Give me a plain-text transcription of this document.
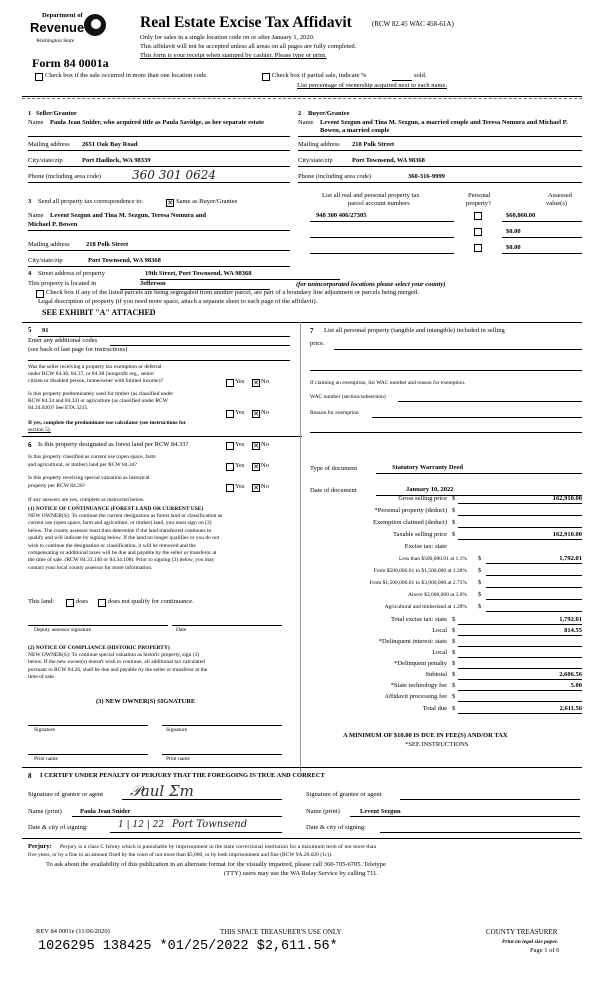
Department of
Revenue
Washington State
Form 84 0001a
Real Estate Excise Tax Affidavit	(RCW 82.45 WAC 458-61A)
Only for sales in a single location code on or after January 1, 2020.
This affidavit will not be accepted unless all areas on all pages are fully completed.
This form is your receipt when stamped by cashier. Please type or print.
Check box if the sale occurred in more than one location code.	Check box if partial sale, indicate %	sold.
List percentage of ownership acquired next to each name.
1 Seller/Grantor
Name Paula Jean Snider, who acquired title as Paula Savidge, as her separate estate
Mailing address 2651 Oak Bay Road
City/state/zip	Port Hadlock, WA 98339
Phone (including area code)	360 301 0624
2 Buyer/Grantee
Name Levent Sezgun and Tina M. Sezgun, a married couple and Teresa Nomura and Michael P. Bowen, a married couple
Mailing address 218 Polk Street
City/state/zip	Port Townsend, WA 98368
Phone (including area code)	360-316-9999
3 Send all property tax correspondence to:	✕ Same as Buyer/Grantee
Name Levent Sezgun and Tina M. Sezgun, Teresa Nomura and
Michael P. Bowen
Mailing address	218 Polk Street
City/state/zip	Port Townsend, WA 98368
List all real and personal property tax
parcel account numbers
Personal
property?
Assessed
value(s)
948 300 406/27305	$60,060.00
$0.00
$0.00
4 Street address of property	19th Street, Port Townsend, WA 98368
This property is located in	Jefferson	(for unincorporated locations please select your county)
Check box if any of the listed parcels are being segregated from another parcel, are part of a boundary line adjustment or parcels being merged.
Legal description of property (if you need more space, attach a separate sheet to each page of the affidavit).
SEE EXHIBIT "A" ATTACHED
5 91
Enter any additional codes
(see back of last page for instructions)
Was the seller receiving a property tax exemption or deferral
under RCW 84.36, 84.37, or 84.38 (nonprofit org., senior
citizen or disabled person, homeowner with limited income)?	Yes ✕ No
Is this property predominately used for timber (as classified under
RCW 84.34 and 84.33) or agriculture (as classified under RCW
84.34.020)? See ETA 3215.
Yes ✕ No
If yes, complete the predominate use calculator (see instructions for
section 5).
6 Is this property designated as forest land per RCW 84.33?	Yes ✕ No
Is this property classified as current use (open space, farm
and agricultural, or timber) land per RCW 84.34?	Yes ✕ No
Is this property receiving special valuation as historical
property per RCW 84.26?	Yes ✕ No
If any answers are yes, complete as instructed below.
(1) NOTICE OF CONTINUANCE (FOREST LAND OR CURRENT USE)
NEW OWNER(S): To continue the current designation as forest land or classification as
current use (open space, farm and agriculture, or timber) land, you must sign on (3)
below. The county assessor must then determine if the land transferred continues to
qualify and will indicate by signing below. If the land no longer qualifies or you do not
wish to continue the designation or classification, it will be removed and the
compensating or additional taxes will be due and payable by the seller or transferor at
the time of sale. (RCW 84.33.140 or 84.34.108). Prior to signing (3) below, you may
contact your local county assessor for more information.
This land:	does	does not qualify for continuance.
Deputy assessor signature	Date
(2) NOTICE OF COMPLIANCE (HISTORIC PROPERTY)
NEW OWNER(S): To continue special valuation as historic property, sign (3)
below. If the new owner(s) doesn't wish to continue, all additional tax calculated
pursuant to RCW 84.26, shall be due and payable by the seller or transferor at the
time of sale.
(3) NEW OWNER(S) SIGNATURE
Signature	Signature
Print name	Print name
7 List all personal property (tangible and intangible) included in selling
price.
If claiming an exemption, list WAC number and reason for exemption.
WAC number (section/subsection)
Reason for exemption
Type of document	Statutory Warranty Deed
Date of document	January 10, 2022
Gross selling price $	162,910.00
*Personal property (deduct) $
Exemption claimed (deduct) $
Taxable selling price $	162,910.00
Excise tax: state
Less than $500,000.01 at 1.1% $	1,792.01
From $500,000.01 to $1,500,000 at 1.28% $
From $1,500,000.01 to $3,000,000 at 2.75% $
Above $3,000,000 at 3.0% $
Agricultural and timberland at 1.28% $
Total excise tax: state $	1,792.01
Local $	814.55
*Delinquent interest: state $
Local $
*Delinquent penalty $
Subtotal $	2,606.56
*State technology fee $	5.00
Affidavit processing fee $
Total due $	2,611.56
A MINIMUM OF $10.00 IS DUE IN FEE(S) AND/OR TAX
*SEE INSTRUCTIONS
8 I CERTIFY UNDER PENALTY OF PERJURY THAT THE FOREGOING IS TRUE AND CORRECT
Signature of grantor or agent 𝒫aul Ʃm	Signature of grantee or agent
Name (print)	Paula Jean Snider	Name (print)	Levent Sezgun
Date & city of signing:	1 | 12 | 22 Port Townsend	Date & city of signing:
Perjury: Perjury is a class C felony which is punishable by imprisonment in the state correctional institution for a maximum term of not more than
five years, or by a fine in an amount fixed by the court of not more than $5,000, or by both imprisonment and fine (RCW 9A.20.020 (1c)).
To ask about the availability of this publication in an alternate format for the visually impaired, please call 360-705-6705. Teletype
(TTY) users may use the WA Relay Service by calling 711.
REV 84 0001e (11/06/2020)	THIS SPACE TREASURER'S USE ONLY	COUNTY TREASURER
Print on legal size paper.
Page 1 of 6
1026295 138425 *01/25/2022 $2,611.56*
